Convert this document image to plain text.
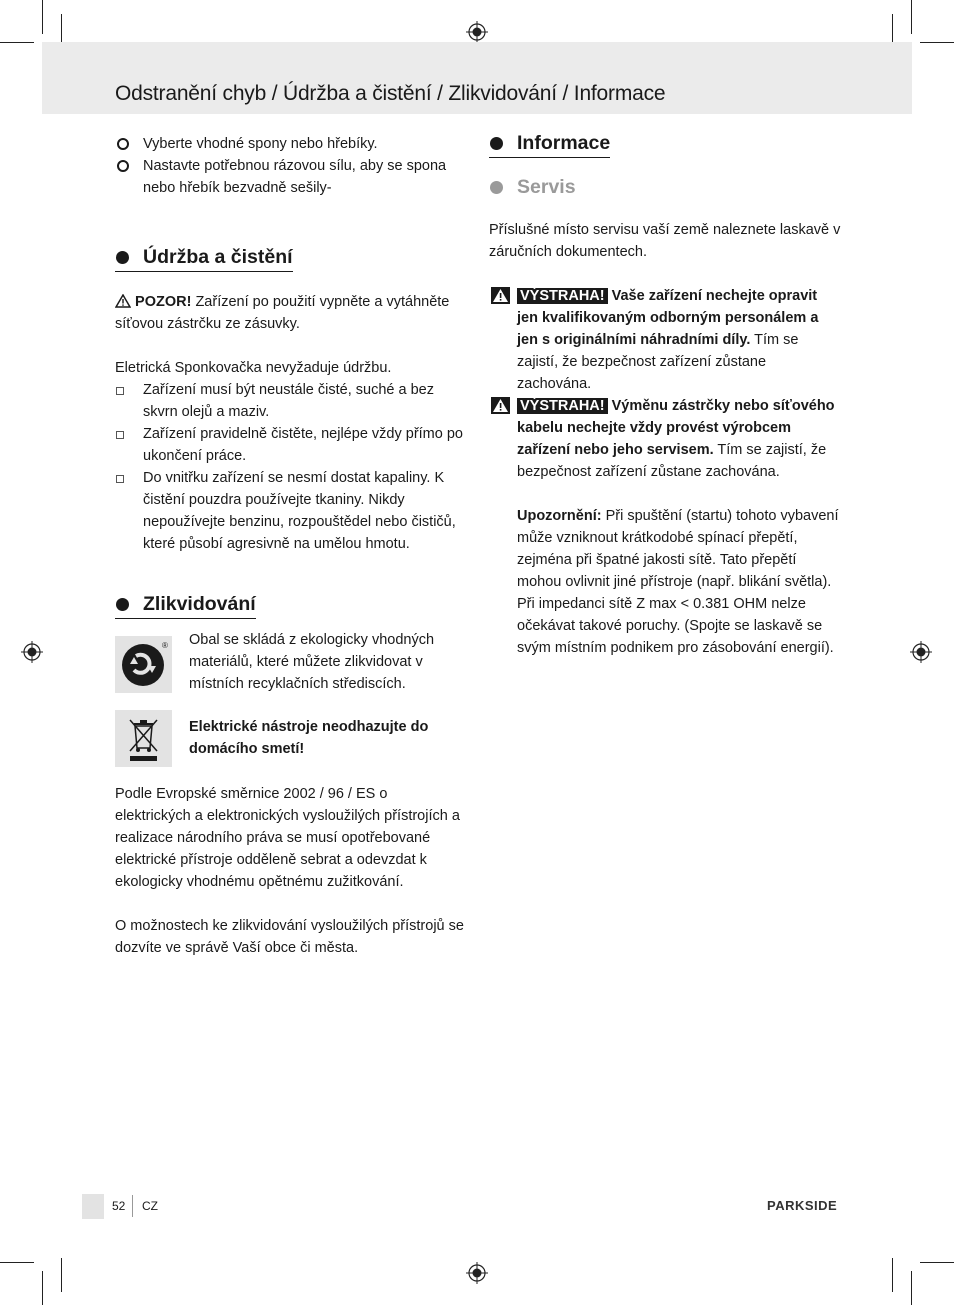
Odstranění chyb / Údržba a čistění / Zlikvidování / Informace
Vyberte vhodné spony nebo hřebíky.
Nastavte potřebnou rázovou sílu, aby se spona nebo hřebík bezvadně sešily-
Údržba a čistění

POZOR! Zařízení po použití vypněte a vytáhněte síťovou zástrčku ze zásuvky.

Eletrická Sponkovačka nevyžaduje údržbu.

Zařízení musí být neustále čisté, suché a bez skvrn olejů a maziv.
Zařízení pravidelně čistěte, nejlépe vždy přímo po ukončení práce.
Do vnitřku zařízení se nesmí dostat kapaliny. K čistění pouzdra používejte tkaniny. Nikdy nepoužívejte benzinu, rozpouštědel nebo čističů, které působí agresivně na umělou hmotu.
Zlikvidování
® Obal se skládá z ekologicky vhodných materiálů, které můžete zlikvidovat v místních recyklačních střediscích.

Elektrické nástroje neodhazujte do domácího smetí!

Podle Evropské směrnice 2002 / 96 / ES o elektrických a elektronických vysloužilých přístrojích a realizace národního práva se musí opotřebované elektrické přístroje odděleně sebrat a odevzdat k ekologicky vhodnému opětnému zužitkování.

O možnostech ke zlikvidování vysloužilých přístrojů se dozvíte ve správě Vaší obce či města.

Informace
Servis

Příslušné místo servisu vaší země naleznete laskavě v záručních dokumentech.

VÝSTRAHA! Vaše zařízení nechejte opravit jen kvalifikovaným odborným personálem a jen s originálními náhradními díly. Tím se zajistí, že bezpečnost zařízení zůstane zachována.
VÝSTRAHA! Výměnu zástrčky nebo síťového kabelu nechejte vždy provést výrobcem zařízení nebo jeho servisem. Tím se zajistí, že bezpečnost zařízení zůstane zachována.

Upozornění: Při spuštění (startu) tohoto vybavení může vzniknout krátkodobé spínací přepětí, zejména při špatné jakosti sítě. Tato přepětí mohou ovlivnit jiné přístroje (např. blikání světla). Při impedanci sítě Z max < 0.381 OHM nelze očekávat takové poruchy. (Spojte se laskavě se svým místním podnikem pro zásobování energií).

52 CZ	PARKSIDE
